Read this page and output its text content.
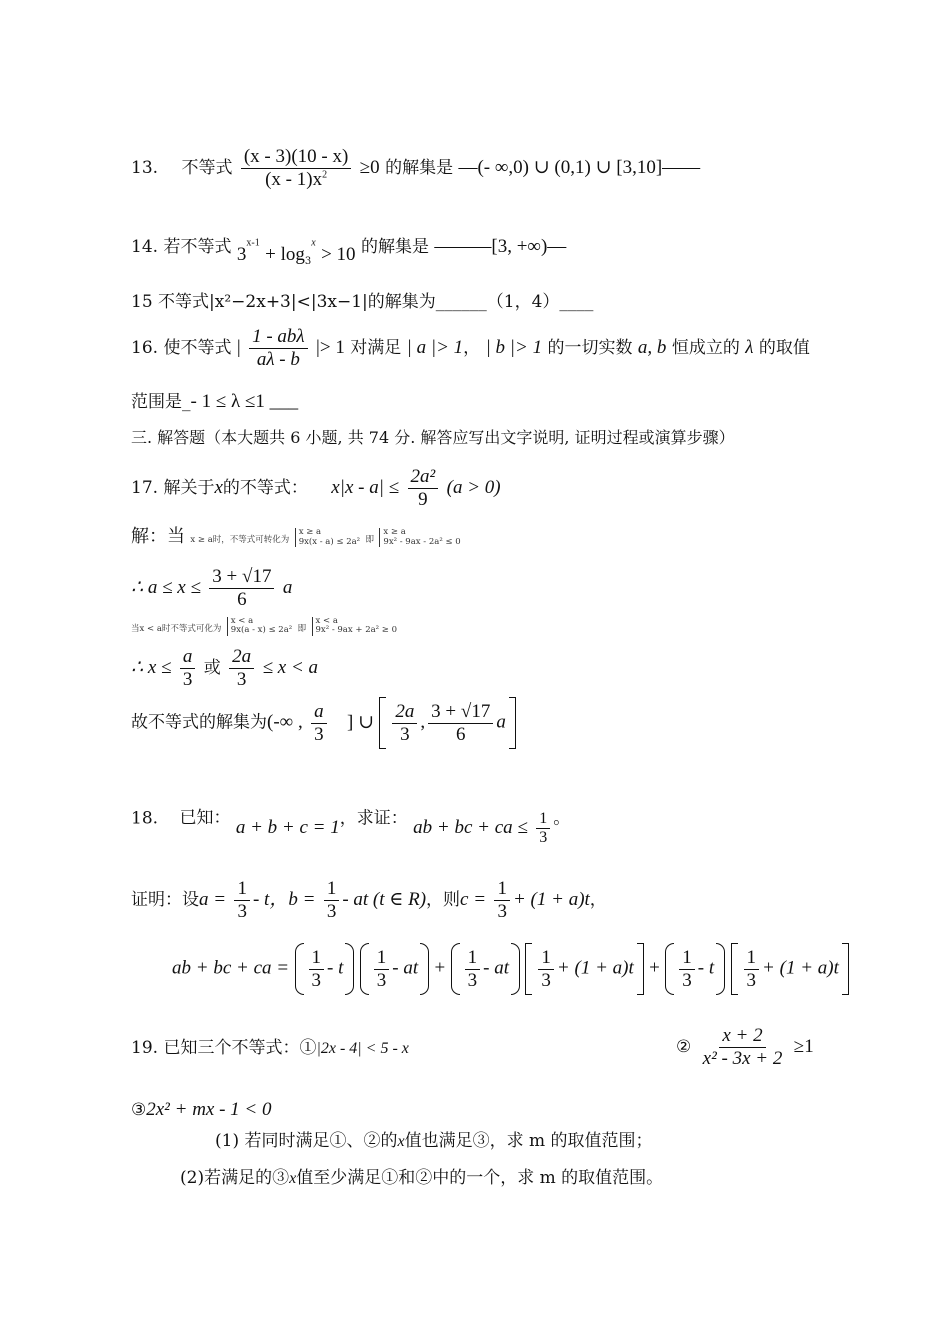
13. 不等式 $\frac{(x - 3)(10 - x)}{(x - 1)x^2} \ge 0$ 的解集是 —(- ∞,0) ∪ (0,1) ∪ [3,10]——
14. 若不等式 $3^{x-1} + \log_3^x > 10$ 的解集是 ———[3, +∞)—
15 不等式|x²−2x+3|<|3x−1|的解集为______（1，4）____
16. 使不等式 | $\frac{\text{1 - abλ}}{a\lambda - b}$ |> 1 对满足 | a |> 1， | b |> 1 的一切实数 a, b 恒成立的 λ 的取值
范围是_- 1 ≤ λ ≤1 ___
三. 解答题（本大题共 6 小题, 共 74 分. 解答应写出文字说明, 证明过程或演算步骤）
17. 解关于x的不等式： $x|x - a| \le \frac{\text{2a²}}{9} (a > 0)$
解：当 x ≥ a时，不等式可转化为
x ≥ a
9x(x - a) ≤ 2a² 即
x ≥ a
9x² - 9ax - 2a² ≤ 0
∴ $a \le x \le \frac{3 + √17}{6}$ a
当x < a时不等式可化为
x < a
9x(a - x) ≤ 2a² 即
x < a
9x² - 9ax + 2a² ≥ 0
∴ $x \le \frac{a}{3}$ 或 $\frac{2a}{3} \le x < a$
故不等式的解集为(-∞ , $\frac{a}{3}$ ] ∪ $\frac{2a}{3}$ , $\frac{3 + √17}{6}$ a
18. 已知： a + b + c = 1，求证： ab + bc + ca ≤ $\frac{1}{3}$ 。
证明：设$a = \frac{1}{3} - t$，$b = \frac{1}{3}$ - at (t ∈ R)，则$c = \frac{1}{3} + (1 + a)t$，
ab + bc + ca = $\frac{1}{3}$ - t $\frac{1}{3}$ - at + $\frac{1}{3}$ - at $\frac{1}{3} + (1 + a)t + \frac{1}{3} - t \frac{1}{3} + (1 + a)t$
19. 已知三个不等式：①|2x - 4| < 5 - x	② $\frac{x + 2}{\text{x² - 3x + 2}} \ge 1$
③2x² + mx - 1 < 0
(1) 若同时满足①、②的x值也满足③，求 m 的取值范围；
(2)若满足的③x值至少满足①和②中的一个，求 m 的取值范围。
